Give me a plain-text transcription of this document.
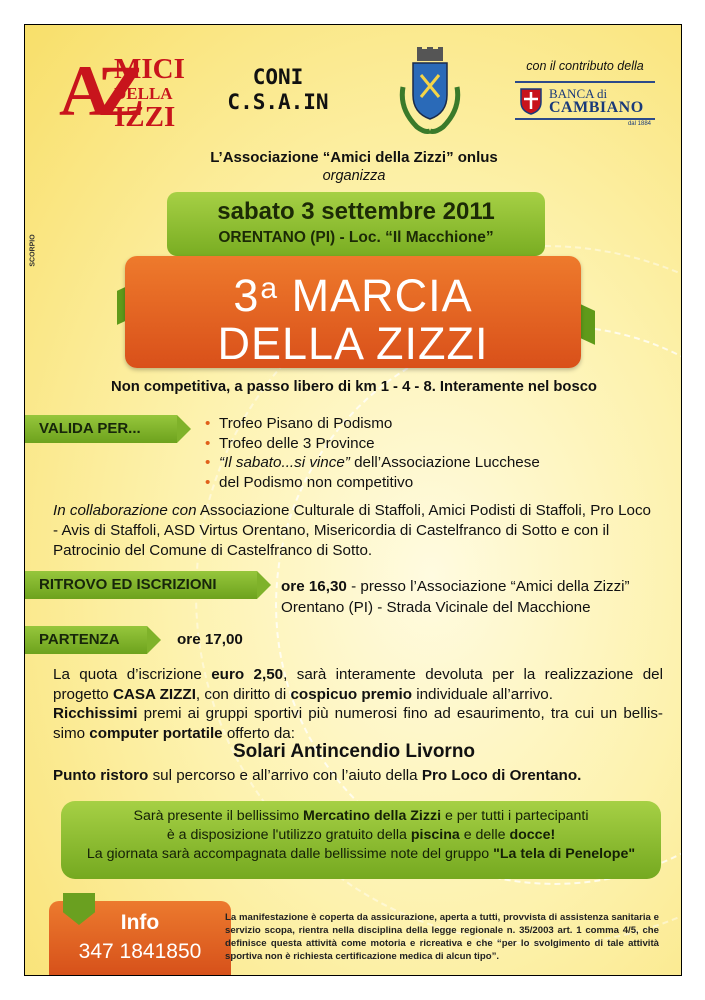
AZ
MICI
DELLA
IZZI
CONI
C.S.A.IN
con il contributo della
BANCA di
CAMBIANO
dal 1884
SCORPIO
L’Associazione “Amici della Zizzi” onlus
organizza
sabato 3 settembre 2011
ORENTANO (PI) - Loc. “Il Macchione”
3$^a$ MARCIA
DELLA ZIZZI
Non competitiva, a passo libero di km 1 - 4 - 8. Interamente nel bosco
VALIDA PER...
•	Trofeo Pisano di Podismo
• Trofeo delle 3 Province
• “Il sabato...si vince” dell’Associazione Lucchese
• del Podismo non competitivo
In collaborazione con Associazione Culturale di Staffoli, Amici Podisti di Staffoli, Pro Loco - Avis di Staffoli, ASD Virtus Orentano, Misericordia di Castelfranco di Sotto e con il Patrocinio del Comune di Castelfranco di Sotto.
RITROVO ED ISCRIZIONI	ore 16,30 - presso l’Associazione “Amici della Zizzi”
Orentano (PI) - Strada Vicinale del Macchione
PARTENZA	ore 17,00
La quota d’iscrizione euro 2,50, sarà interamente devoluta per la realizzazione del progetto CASA ZIZZI, con diritto di cospicuo premio individuale all’arrivo.
Ricchissimi premi ai gruppi sportivi più numerosi fino ad esaurimento, tra cui un bellis-simo computer portatile offerto da:
Solari Antincendio Livorno
Punto ristoro sul percorso e all’arrivo con l’aiuto della Pro Loco di Orentano.
Sarà presente il bellissimo Mercatino della Zizzi e per tutti i partecipanti
è a disposizione l'utilizzo gratuito della piscina e delle docce!
La giornata sarà accompagnata dalle bellissime note del gruppo "La tela di Penelope"
Info
347 1841850
La manifestazione è coperta da assicurazione, aperta a tutti, provvista di assistenza sanitaria e servizio scopa, rientra nella disciplina della legge regionale n. 35/2003 art. 1 comma 4/5, che definisce questa attività come motoria e ricreativa e che “per lo svolgimento di tale attività sportiva non è richiesta certificazione medica di alcun tipo”.
